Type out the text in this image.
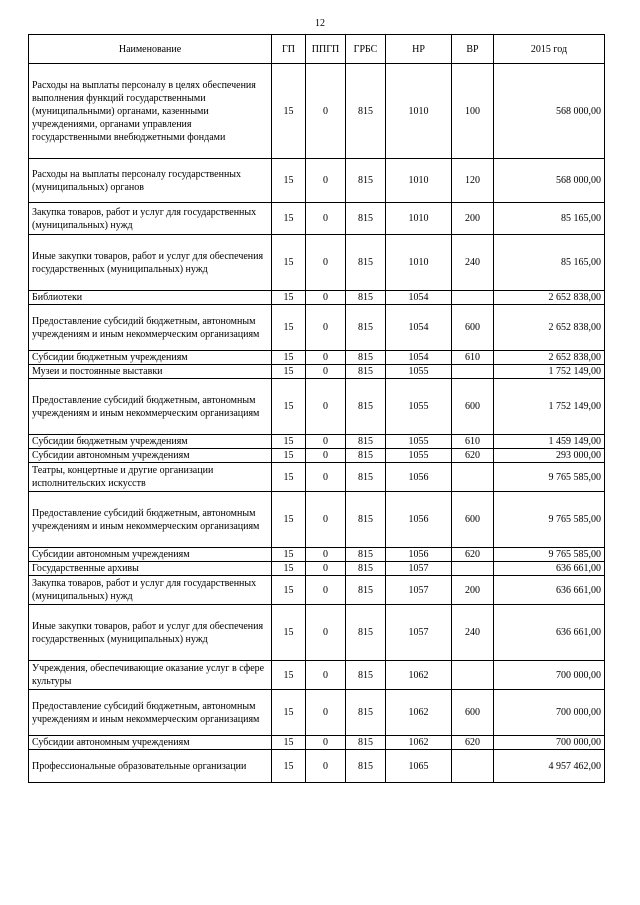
12
Наименование	ГП	ППГП	ГРБС	НР	ВР	2015 год
Расходы на выплаты персоналу в целях обеспечения выполнения функций государственными (муниципальными) органами, казенными учреждениями, органами управления государственными внебюджетными фондами	15	0	815	1010	100	568 000,00
Расходы на выплаты персоналу государственных (муниципальных) органов	15	0	815	1010	120	568 000,00
Закупка товаров, работ и услуг для государственных (муниципальных) нужд	15	0	815	1010	200	85 165,00
Иные закупки товаров, работ и услуг для обеспечения государственных (муниципальных) нужд	15	0	815	1010	240	85 165,00
Библиотеки	15	0	815	1054		2 652 838,00
Предоставление субсидий бюджетным, автономным учреждениям и иным некоммерческим организациям	15	0	815	1054	600	2 652 838,00
Субсидии бюджетным учреждениям	15	0	815	1054	610	2 652 838,00
Музеи и постоянные выставки	15	0	815	1055		1 752 149,00
Предоставление субсидий бюджетным, автономным учреждениям и иным некоммерческим организациям	15	0	815	1055	600	1 752 149,00
Субсидии бюджетным учреждениям	15	0	815	1055	610	1 459 149,00
Субсидии автономным учреждениям	15	0	815	1055	620	293 000,00
Театры, концертные и другие организации исполнительских искусств	15	0	815	1056		9 765 585,00
Предоставление субсидий бюджетным, автономным учреждениям и иным некоммерческим организациям	15	0	815	1056	600	9 765 585,00
Субсидии автономным учреждениям	15	0	815	1056	620	9 765 585,00
Государственные архивы	15	0	815	1057		636 661,00
Закупка товаров, работ и услуг для государственных (муниципальных) нужд	15	0	815	1057	200	636 661,00
Иные закупки товаров, работ и услуг для обеспечения государственных (муниципальных) нужд	15	0	815	1057	240	636 661,00
Учреждения, обеспечивающие оказание услуг в сфере культуры	15	0	815	1062		700 000,00
Предоставление субсидий бюджетным, автономным учреждениям и иным некоммерческим организациям	15	0	815	1062	600	700 000,00
Субсидии автономным учреждениям	15	0	815	1062	620	700 000,00
Профессиональные образовательные организации	15	0	815	1065		4 957 462,00
